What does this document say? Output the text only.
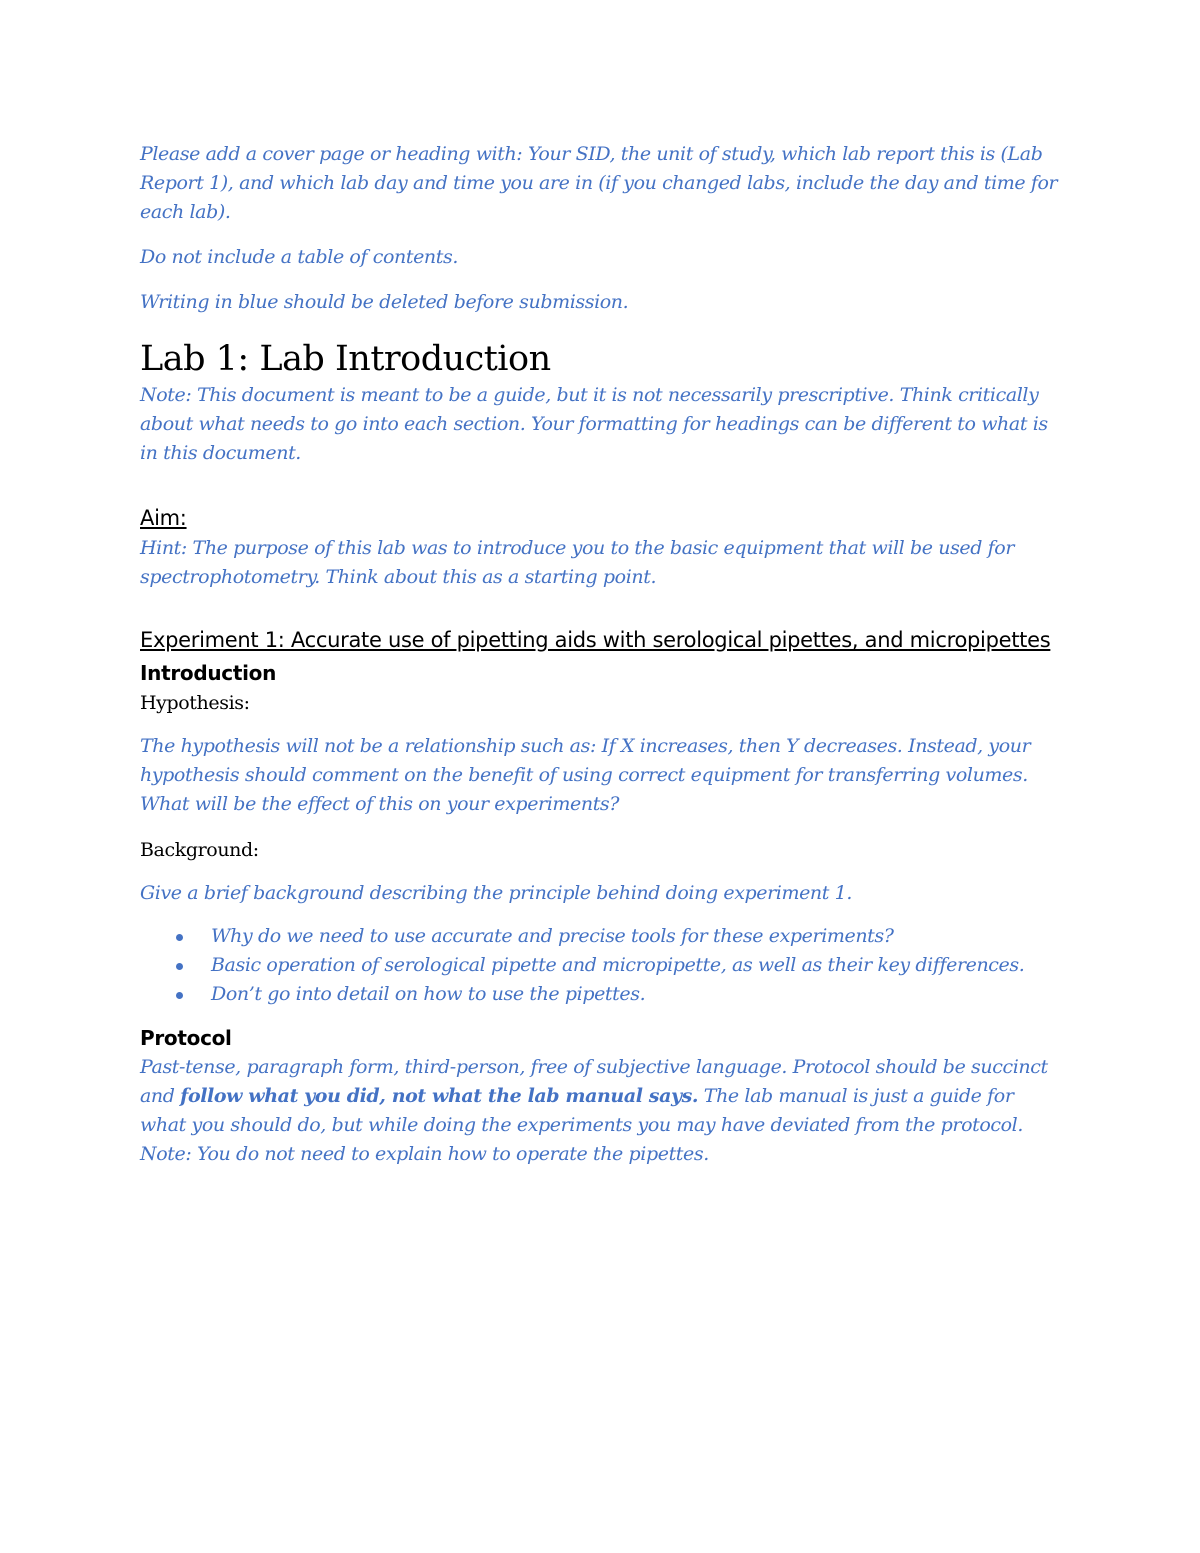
Please add a cover page or heading with: Your SID, the unit of study, which lab report this is (Lab Report 1), and which lab day and time you are in (if you changed labs, include the day and time for each lab).

Do not include a table of contents.

Writing in blue should be deleted before submission.

Lab 1: Lab Introduction

Note: This document is meant to be a guide, but it is not necessarily prescriptive. Think critically about what needs to go into each section. Your formatting for headings can be different to what is in this document.

Aim:

Hint: The purpose of this lab was to introduce you to the basic equipment that will be used for spectrophotometry. Think about this as a starting point.

Experiment 1: Accurate use of pipetting aids with serological pipettes, and micropipettes
Introduction

Hypothesis:

The hypothesis will not be a relationship such as: If X increases, then Y decreases. Instead, your hypothesis should comment on the benefit of using correct equipment for transferring volumes. What will be the effect of this on your experiments?

Background:

Give a brief background describing the principle behind doing experiment 1.

Why do we need to use accurate and precise tools for these experiments?
Basic operation of serological pipette and micropipette, as well as their key differences.
Don’t go into detail on how to use the pipettes.
Protocol

Past-tense, paragraph form, third-person, free of subjective language. Protocol should be succinct and follow what you did, not what the lab manual says. The lab manual is just a guide for what you should do, but while doing the experiments you may have deviated from the protocol. Note: You do not need to explain how to operate the pipettes.
